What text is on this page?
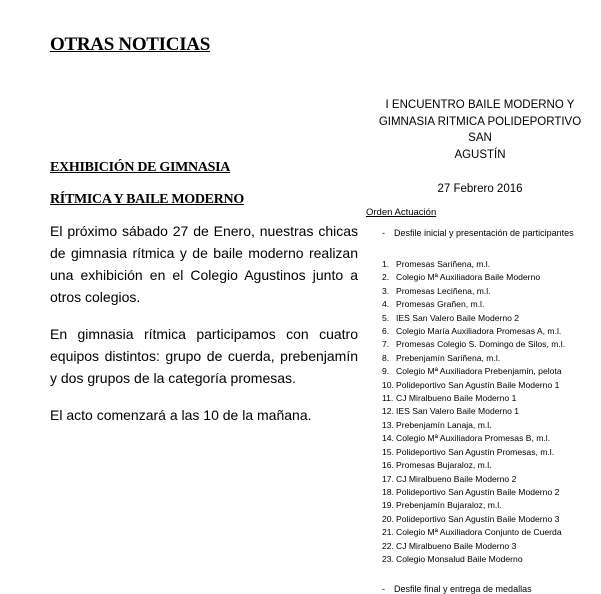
OTRAS NOTICIAS
EXHIBICIÓN DE GIMNASIA
RÍTMICA Y BAILE MODERNO

El próximo sábado 27 de Enero, nuestras chicas de gimnasia rítmica y de baile moderno realizan una exhibición en el Colegio Agustinos junto a otros colegios.

En gimnasia rítmica participamos con cuatro equipos distintos: grupo de cuerda, prebenjamín y dos grupos de la categoría promesas.

El acto comenzará a las 10 de la mañana.

I ENCUENTRO BAILE MODERNO Y
GIMNASIA RITMICA POLIDEPORTIVO SAN
AGUSTÍN

27 Febrero 2016

Orden Actuación

- Desfile inicial y presentación de participantes
1. Promesas Sariñena, m.l.
2. Colegio Mª Auxiliadora Baile Moderno
3. Promesas Leciñena, m.l.
4. Promesas Grañen, m.l.
5. IES San Valero Baile Moderno 2
6. Colegio María Auxiliadora Promesas A, m.l.
7. Promesas Colegio S. Domingo de Silos, m.l.
8. Prebenjamín Sariñena, m.l.
9. Colegio Mª Auxiliadora Prebenjamín, pelota
10. Polideportivo San Agustín Baile Moderno 1
11. CJ Miralbueno Baile Moderno 1
12. IES San Valero Baile Moderno 1
13. Prebenjamín Lanaja, m.l.
14. Colegio Mª Auxiliadora Promesas B, m.l.
15. Polideportivo San Agustín Promesas, m.l.
16. Promesas Bujaraloz, m.l.
17. CJ Miralbueno Baile Moderno 2
18. Polideportivo San Agustín Baile Moderno 2
19. Prebenjamín Bujaraloz, m.l.
20. Polideportivo San Agustín Baile Moderno 3
21. Colegio Mª Auxiliadora Conjunto de Cuerda
22. CJ Miralbueno Baile Moderno 3
23. Colegio Monsalud Baile Moderno
- Desfile final y entrega de medallas
